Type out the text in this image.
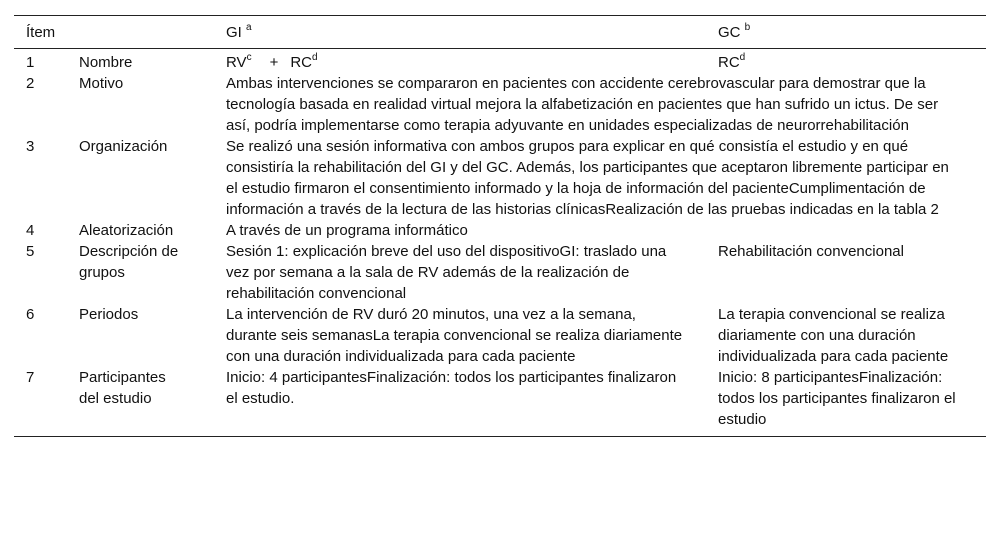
Ítem		GI $^a$	GC $^b$
1	Nombre	$RV^c + RC^d$	$RC^d$
2	Motivo	Ambas intervenciones se compararon en pacientes con accidente cerebrovascular para demostrar que la tecnología basada en realidad virtual mejora la alfabetización en pacientes que han sufrido un ictus. De ser así, podría implementarse como terapia adyuvante en unidades especializadas de neurorrehabilitación	
3	Organización	Se realizó una sesión informativa con ambos grupos para explicar en qué consistía el estudio y en qué consistiría la rehabilitación del GI y del GC. Además, los participantes que aceptaron libremente participar en el estudio firmaron el consentimiento informado y la hoja de información del pacienteCumplimentación de información a través de la lectura de las historias clínicasRealización de las pruebas indicadas en la tabla 2	
4	Aleatorización	A través de un programa informático	
5	Descripción de grupos	Sesión 1: explicación breve del uso del dispositivoGI: traslado una vez por semana a la sala de RV además de la realización de rehabilitación convencional	Rehabilitación convencional
6	Periodos	La intervención de RV duró 20 minutos, una vez a la semana, durante seis semanasLa terapia convencional se realiza diariamente con una duración individualizada para cada paciente	La terapia convencional se realiza diariamente con una duración individualizada para cada paciente
7	Participantes del estudio	Inicio: 4 participantesFinalización: todos los participantes finalizaron el estudio.	Inicio: 8 participantesFinalización: todos los participantes finalizaron el estudio
